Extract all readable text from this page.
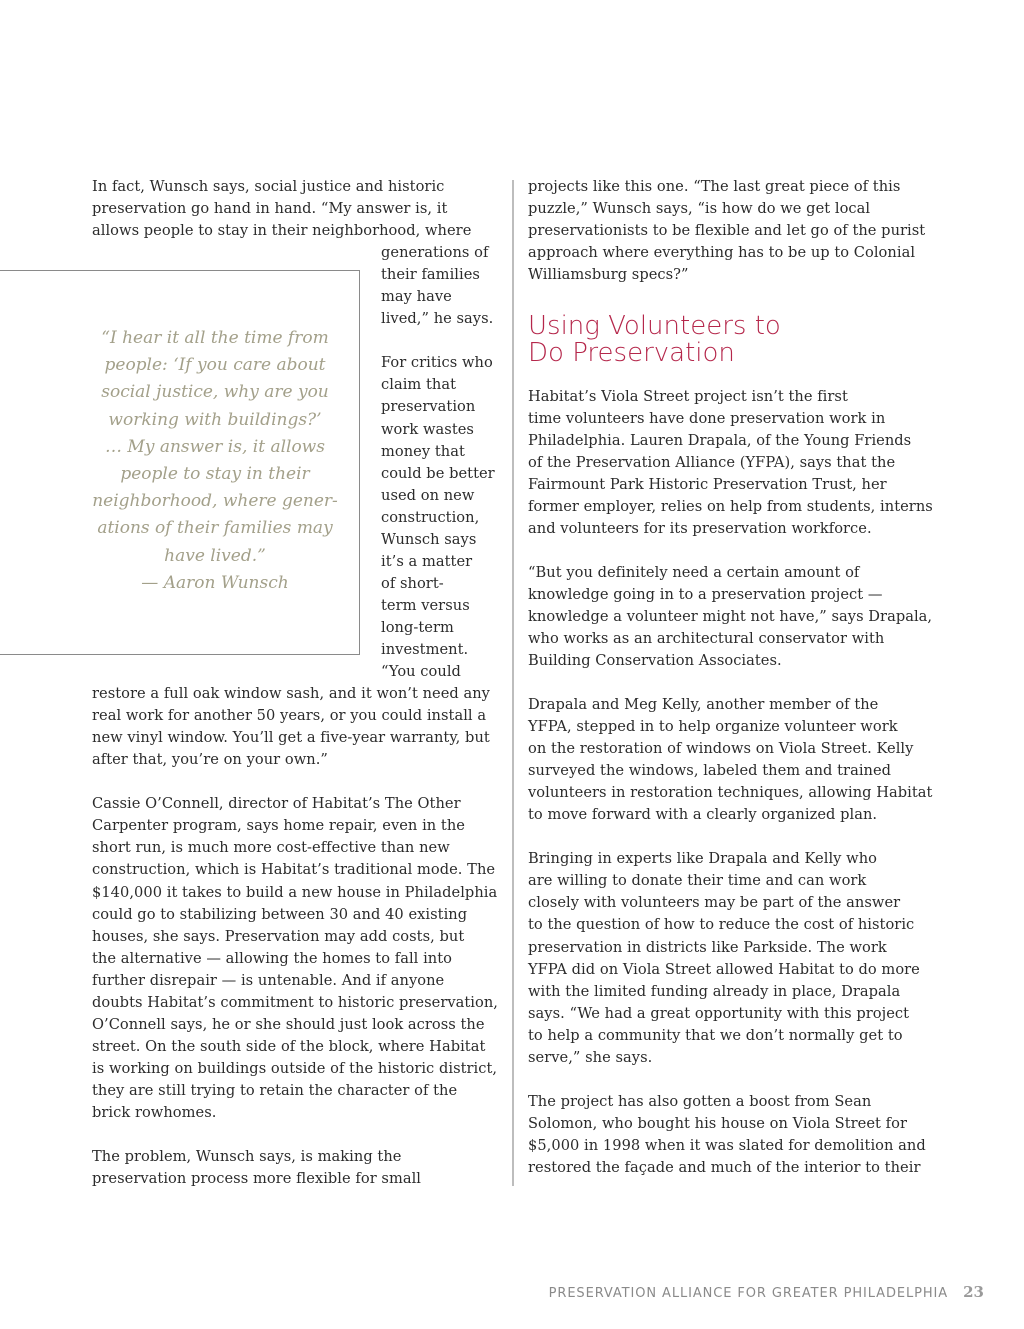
In fact, Wunsch says, social justice and historic
preservation go hand in hand. “My answer is, it
allows people to stay in their neighborhood, where
generations of
their families
may have
lived,” he says.
For critics who
claim that
preservation
work wastes
money that
could be better
used on new
construction,
Wunsch says
it’s a matter
of short-
term versus
long-term
investment.
“You could
restore a full oak window sash, and it won’t need any
real work for another 50 years, or you could install a
new vinyl window. You’ll get a five-year warranty, but
after that, you’re on your own.”
Cassie O’Connell, director of Habitat’s The Other
Carpenter program, says home repair, even in the
short run, is much more cost-effective than new
construction, which is Habitat’s traditional mode. The
$140,000 it takes to build a new house in Philadelphia
could go to stabilizing between 30 and 40 existing
houses, she says. Preservation may add costs, but
the alternative — allowing the homes to fall into
further disrepair — is untenable. And if anyone
doubts Habitat’s commitment to historic preservation,
O’Connell says, he or she should just look across the
street. On the south side of the block, where Habitat
is working on buildings outside of the historic district,
they are still trying to retain the character of the
brick rowhomes.
The problem, Wunsch says, is making the
preservation process more flexible for small
“I hear it all the time from
people: ‘If you care about
social justice, why are you
working with buildings?’
… My answer is, it allows
people to stay in their
neighborhood, where gener-
ations of their families may
have lived.”
— Aaron Wunsch
projects like this one. “The last great piece of this
puzzle,” Wunsch says, “is how do we get local
preservationists to be flexible and let go of the purist
approach where everything has to be up to Colonial
Williamsburg specs?”
Habitat’s Viola Street project isn’t the first
time volunteers have done preservation work in
Philadelphia. Lauren Drapala, of the Young Friends
of the Preservation Alliance (YFPA), says that the
Fairmount Park Historic Preservation Trust, her
former employer, relies on help from students, interns
and volunteers for its preservation workforce.
“But you definitely need a certain amount of
knowledge going in to a preservation project —
knowledge a volunteer might not have,” says Drapala,
who works as an architectural conservator with
Building Conservation Associates.
Drapala and Meg Kelly, another member of the
YFPA, stepped in to help organize volunteer work
on the restoration of windows on Viola Street. Kelly
surveyed the windows, labeled them and trained
volunteers in restoration techniques, allowing Habitat
to move forward with a clearly organized plan.
Bringing in experts like Drapala and Kelly who
are willing to donate their time and can work
closely with volunteers may be part of the answer
to the question of how to reduce the cost of historic
preservation in districts like Parkside. The work
YFPA did on Viola Street allowed Habitat to do more
with the limited funding already in place, Drapala
says. “We had a great opportunity with this project
to help a community that we don’t normally get to
serve,” she says.
The project has also gotten a boost from Sean
Solomon, who bought his house on Viola Street for
$5,000 in 1998 when it was slated for demolition and
restored the façade and much of the interior to their
Using Volunteers to
Do Preservation
PRESERVATION ALLIANCE FOR GREATER PHILADELPHIA 23
